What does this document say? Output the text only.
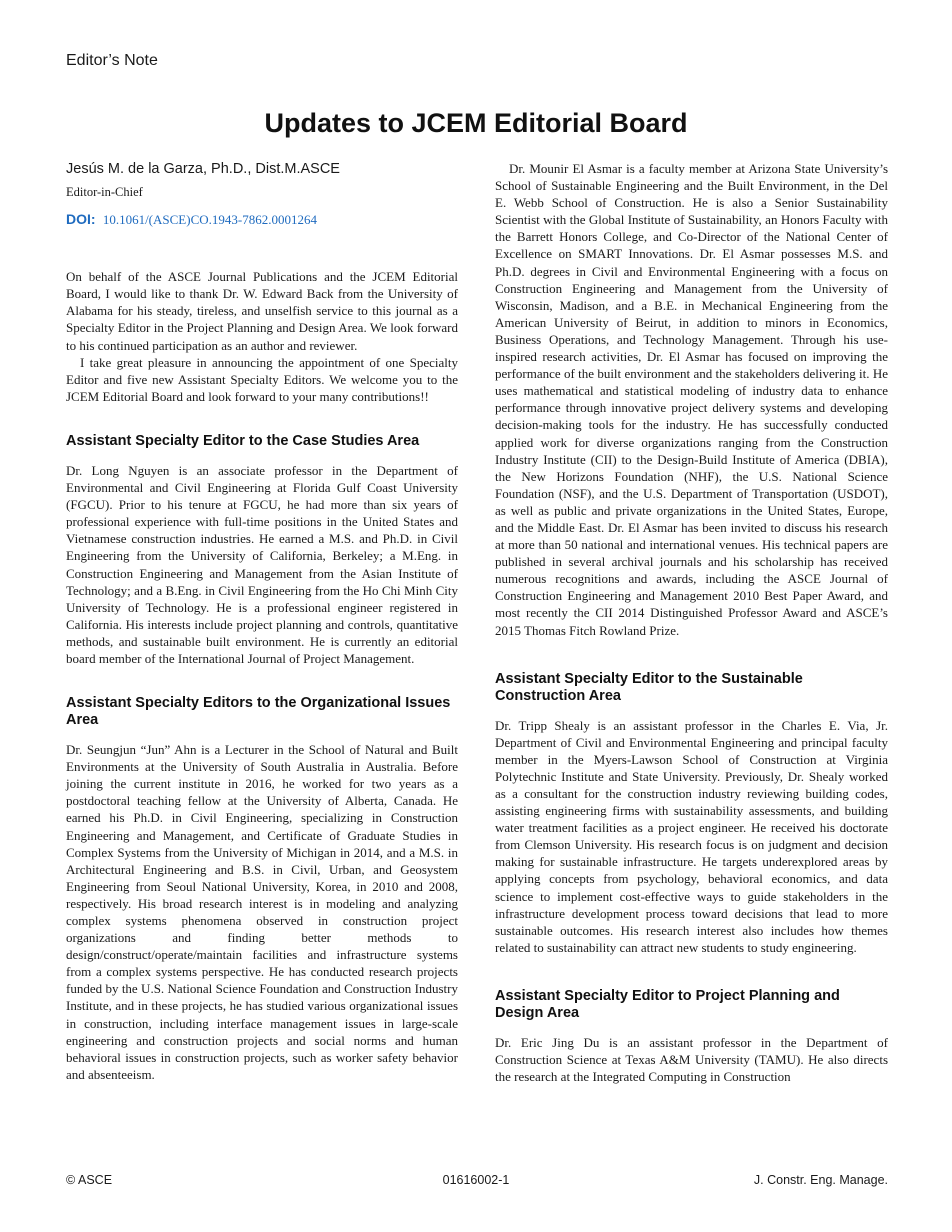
Editor’s Note
Updates to JCEM Editorial Board
Jesús M. de la Garza, Ph.D., Dist.M.ASCE
Editor-in-Chief
DOI: 10.1061/(ASCE)CO.1943-7862.0001264

On behalf of the ASCE Journal Publications and the JCEM Editorial Board, I would like to thank Dr. W. Edward Back from the University of Alabama for his steady, tireless, and unselfish service to this journal as a Specialty Editor in the Project Planning and Design Area. We look forward to his continued participation as an author and reviewer.

I take great pleasure in announcing the appointment of one Specialty Editor and five new Assistant Specialty Editors. We welcome you to the JCEM Editorial Board and look forward to your many contributions!!

Assistant Specialty Editor to the Case Studies Area

Dr. Long Nguyen is an associate professor in the Department of Environmental and Civil Engineering at Florida Gulf Coast University (FGCU). Prior to his tenure at FGCU, he had more than six years of professional experience with full-time positions in the United States and Vietnamese construction industries. He earned a M.S. and Ph.D. in Civil Engineering from the University of California, Berkeley; a M.Eng. in Construction Engineering and Management from the Asian Institute of Technology; and a B.Eng. in Civil Engineering from the Ho Chi Minh City University of Technology. He is a professional engineer registered in California. His interests include project planning and controls, quantitative methods, and sustainable built environment. He is currently an editorial board member of the International Journal of Project Management.

Assistant Specialty Editors to the Organizational Issues Area

Dr. Seungjun “Jun” Ahn is a Lecturer in the School of Natural and Built Environments at the University of South Australia in Australia. Before joining the current institute in 2016, he worked for two years as a postdoctoral teaching fellow at the University of Alberta, Canada. He earned his Ph.D. in Civil Engineering, specializing in Construction Engineering and Management, and Certificate of Graduate Studies in Complex Systems from the University of Michigan in 2014, and a M.S. in Architectural Engineering and B.S. in Civil, Urban, and Geosystem Engineering from Seoul National University, Korea, in 2010 and 2008, respectively. His broad research interest is in modeling and analyzing complex systems phenomena observed in construction project organizations and finding better methods to design/construct/operate/maintain facilities and infrastructure systems from a complex systems perspective. He has conducted research projects funded by the U.S. National Science Foundation and Construction Industry Institute, and in these projects, he has studied various organizational issues in construction, including interface management issues in large-scale engineering and construction projects and social norms and human behavioral issues in construction projects, such as worker safety behavior and absenteeism.

Dr. Mounir El Asmar is a faculty member at Arizona State University’s School of Sustainable Engineering and the Built Environment, in the Del E. Webb School of Construction. He is also a Senior Sustainability Scientist with the Global Institute of Sustainability, an Honors Faculty with the Barrett Honors College, and Co-Director of the National Center of Excellence on SMART Innovations. Dr. El Asmar possesses M.S. and Ph.D. degrees in Civil and Environmental Engineering with a focus on Construction Engineering and Management from the University of Wisconsin, Madison, and a B.E. in Mechanical Engineering from the American University of Beirut, in addition to minors in Economics, Business Operations, and Technology Management. Through his use-inspired research activities, Dr. El Asmar has focused on improving the performance of the built environment and the stakeholders delivering it. He uses mathematical and statistical modeling of industry data to enhance performance through innovative project delivery systems and developing decision-making tools for the industry. He has successfully conducted applied work for diverse organizations ranging from the Construction Industry Institute (CII) to the Design-Build Institute of America (DBIA), the New Horizons Foundation (NHF), the U.S. National Science Foundation (NSF), and the U.S. Department of Transportation (USDOT), as well as public and private organizations in the United States, Europe, and the Middle East. Dr. El Asmar has been invited to discuss his research at more than 50 national and international venues. His technical papers are published in several archival journals and his scholarship has received numerous recognitions and awards, including the ASCE Journal of Construction Engineering and Management 2010 Best Paper Award, and most recently the CII 2014 Distinguished Professor Award and ASCE’s 2015 Thomas Fitch Rowland Prize.

Assistant Specialty Editor to the Sustainable Construction Area

Dr. Tripp Shealy is an assistant professor in the Charles E. Via, Jr. Department of Civil and Environmental Engineering and principal faculty member in the Myers-Lawson School of Construction at Virginia Polytechnic Institute and State University. Previously, Dr. Shealy worked as a consultant for the construction industry reviewing building codes, assisting engineering firms with sustainability assessments, and building water treatment facilities as a project engineer. He received his doctorate from Clemson University. His research focus is on judgment and decision making for sustainable infrastructure. He targets underexplored areas by applying concepts from psychology, behavioral economics, and data science to implement cost-effective ways to guide stakeholders in the infrastructure development process toward decisions that lead to more sustainable outcomes. His research interest also includes how themes related to sustainability can attract new students to study engineering.

Assistant Specialty Editor to Project Planning and Design Area

Dr. Eric Jing Du is an assistant professor in the Department of Construction Science at Texas A&M University (TAMU). He also directs the research at the Integrated Computing in Construction

© ASCE	01616002-1	J. Constr. Eng. Manage.
